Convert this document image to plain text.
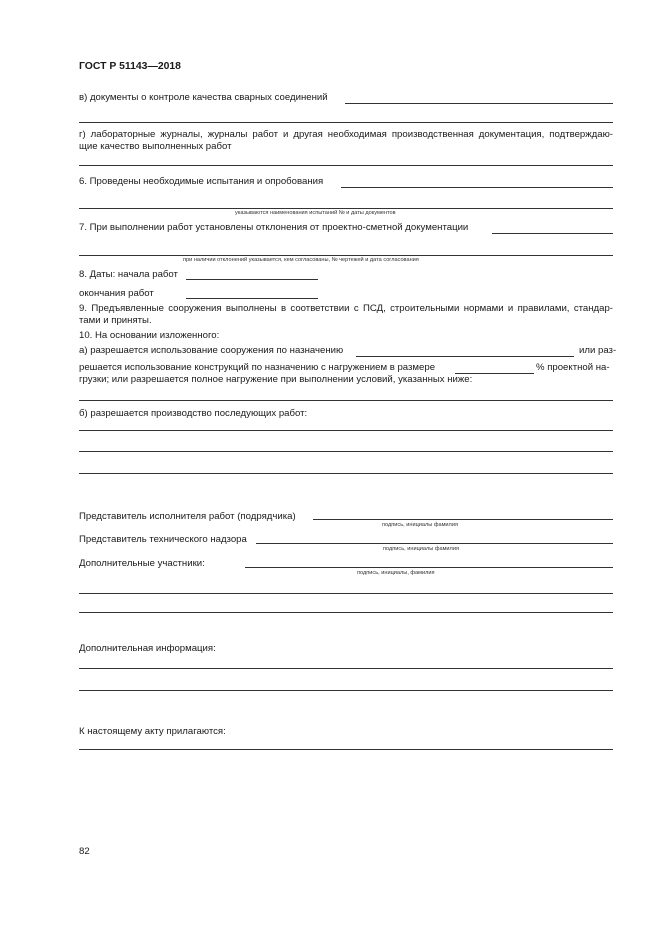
ГОСТ Р 51143—2018
в) документы о контроле качества сварных соединений
г) лабораторные журналы, журналы работ и другая необходимая производственная документация, подтверждаю-
щие качество выполненных работ
6. Проведены необходимые испытания и опробования
указываются наименования испытаний № и даты документов
7. При выполнении работ установлены отклонения от проектно-сметной документации
при наличии отклонений указывается, кем согласованы, № чертежей и дата согласования
8. Даты: начала работ
окончания работ
9. Предъявленные сооружения выполнены в соответствии с ПСД, строительными нормами и правилами, стандар-
тами и приняты.
10. На основании изложенного:
а) разрешается использование сооружения по назначению	или раз-
решается использование конструкций по назначению с нагружением в размере	% проектной на-
грузки; или разрешается полное нагружение при выполнении условий, указанных ниже:
б) разрешается производство последующих работ:
Представитель исполнителя работ (подрядчика)
подпись, инициалы фамилия
Представитель технического надзора
подпись, инициалы фамилия
Дополнительные участники:
подпись, инициалы, фамилия
Дополнительная информация:
К настоящему акту прилагаются:
82
